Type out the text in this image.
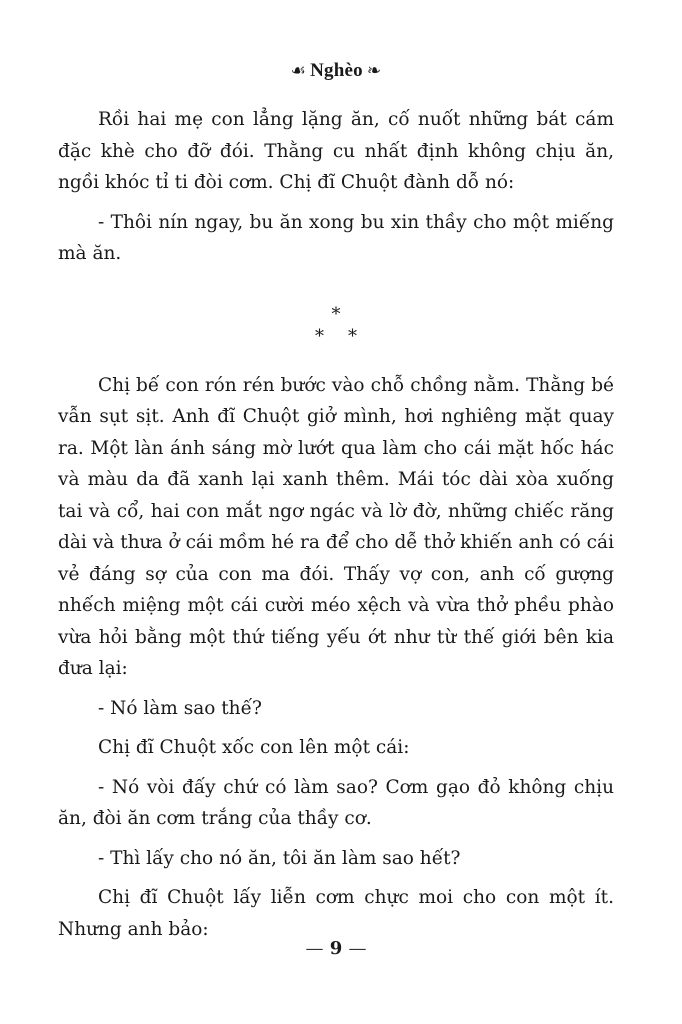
☙ Nghèo ❧

Rồi hai mẹ con lẳng lặng ăn, cố nuốt những bát cám đặc khè cho đỡ đói. Thằng cu nhất định không chịu ăn, ngồi khóc tỉ ti đòi cơm. Chị đĩ Chuột đành dỗ nó:

- Thôi nín ngay, bu ăn xong bu xin thầy cho một miếng mà ăn.

*
* *

Chị bế con rón rén bước vào chỗ chồng nằm. Thằng bé vẫn sụt sịt. Anh đĩ Chuột giở mình, hơi nghiêng mặt quay ra. Một làn ánh sáng mờ lướt qua làm cho cái mặt hốc hác và màu da đã xanh lại xanh thêm. Mái tóc dài xòa xuống tai và cổ, hai con mắt ngơ ngác và lờ đờ, những chiếc răng dài và thưa ở cái mồm hé ra để cho dễ thở khiến anh có cái vẻ đáng sợ của con ma đói. Thấy vợ con, anh cố gượng nhếch miệng một cái cười méo xệch và vừa thở phều phào vừa hỏi bằng một thứ tiếng yếu ớt như từ thế giới bên kia đưa lại:

- Nó làm sao thế?

Chị đĩ Chuột xốc con lên một cái:

- Nó vòi đấy chứ có làm sao? Cơm gạo đỏ không chịu ăn, đòi ăn cơm trắng của thầy cơ.

- Thì lấy cho nó ăn, tôi ăn làm sao hết?

Chị đĩ Chuột lấy liễn cơm chực moi cho con một ít. Nhưng anh bảo:

— 9 —
